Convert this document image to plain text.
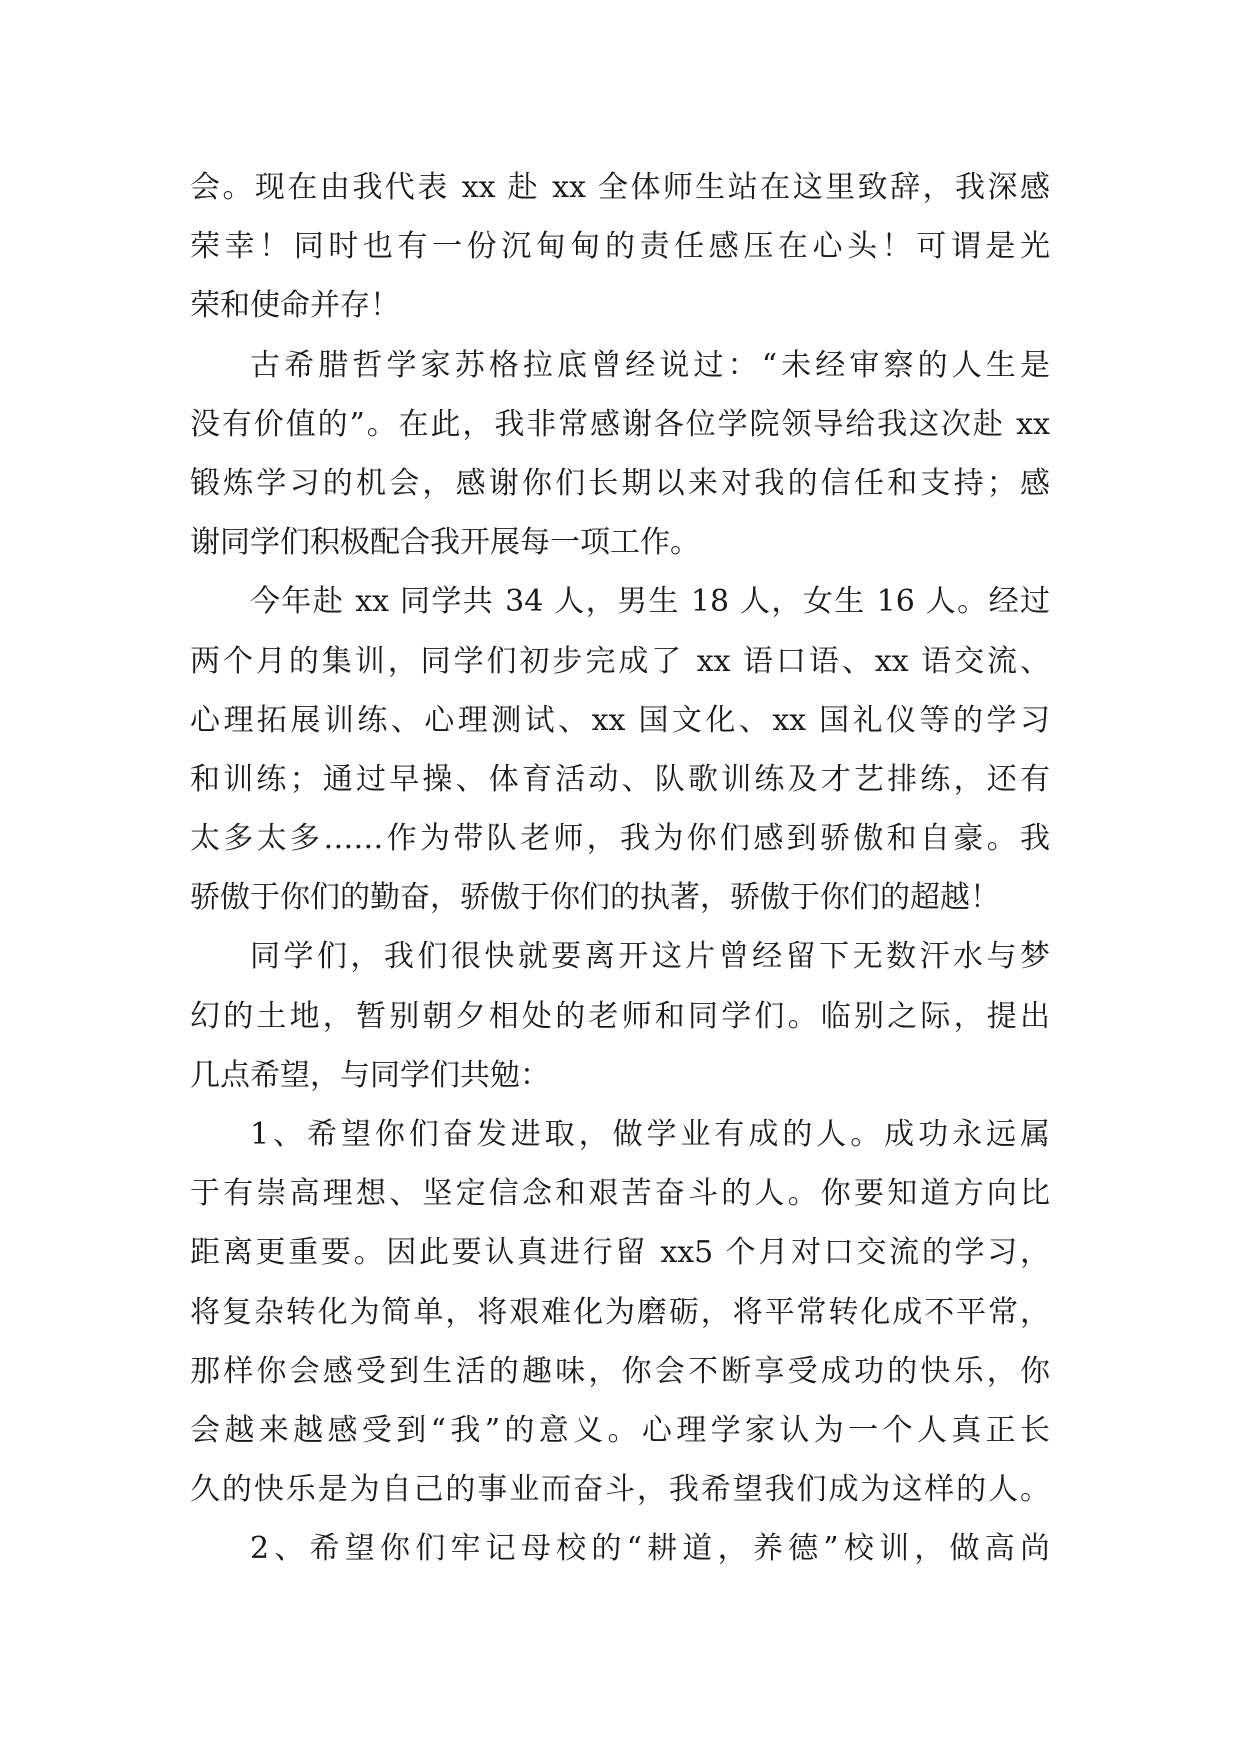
会。现在由我代表 xx 赴 xx 全体师生站在这里致辞，我深感
荣幸！同时也有一份沉甸甸的责任感压在心头！可谓是光
荣和使命并存！
古希腊哲学家苏格拉底曾经说过：“未经审察的人生是
没有价值的”。在此，我非常感谢各位学院领导给我这次赴 xx
锻炼学习的机会，感谢你们长期以来对我的信任和支持；感
谢同学们积极配合我开展每一项工作。
今年赴 xx 同学共 34 人，男生 18 人，女生 16 人。经过
两个月的集训，同学们初步完成了 xx 语口语、xx 语交流、
心理拓展训练、心理测试、xx 国文化、xx 国礼仪等的学习
和训练；通过早操、体育活动、队歌训练及才艺排练，还有
太多太多……作为带队老师，我为你们感到骄傲和自豪。我
骄傲于你们的勤奋，骄傲于你们的执著，骄傲于你们的超越！
同学们，我们很快就要离开这片曾经留下无数汗水与梦
幻的土地，暂别朝夕相处的老师和同学们。临别之际，提出
几点希望，与同学们共勉：
1、希望你们奋发进取，做学业有成的人。成功永远属
于有崇高理想、坚定信念和艰苦奋斗的人。你要知道方向比
距离更重要。因此要认真进行留 xx5 个月对口交流的学习，
将复杂转化为简单，将艰难化为磨砺，将平常转化成不平常，
那样你会感受到生活的趣味，你会不断享受成功的快乐，你
会越来越感受到“我”的意义。心理学家认为一个人真正长
久的快乐是为自己的事业而奋斗，我希望我们成为这样的人。
2、希望你们牢记母校的“耕道，养德”校训，做高尚
